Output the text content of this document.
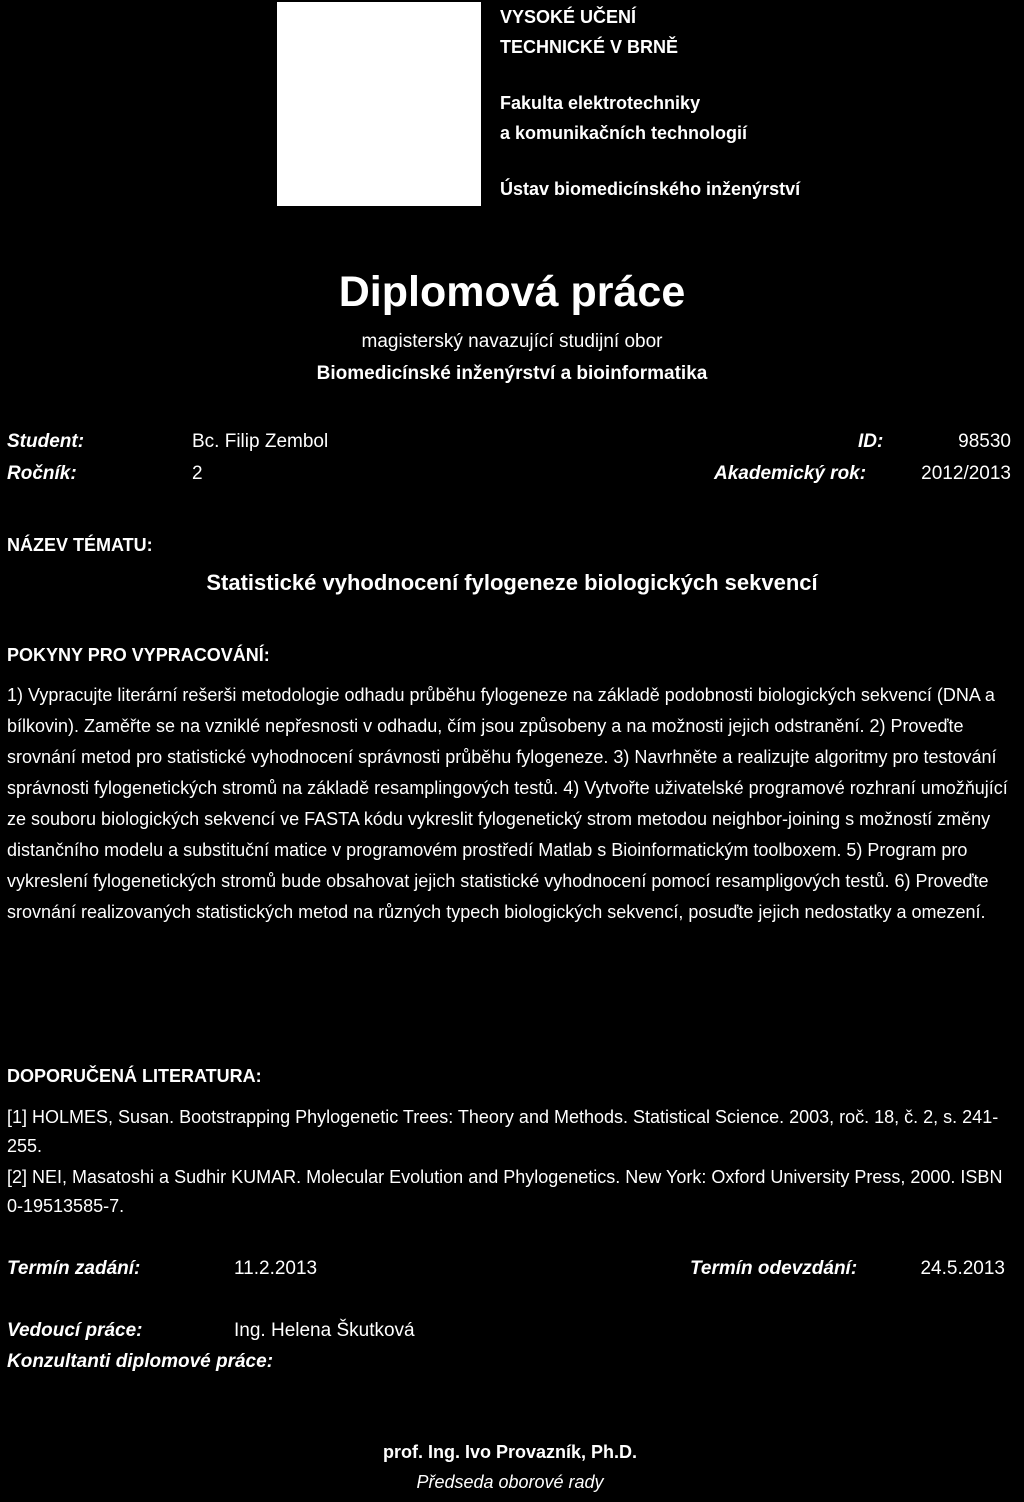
VYSOKÉ UČENÍ
TECHNICKÉ V BRNĚ
Fakulta elektrotechniky
a komunikačních technologií
Ústav biomedicínského inženýrství
Diplomová práce
magisterský navazující studijní obor
Biomedicínské inženýrství a bioinformatika
Student:	Bc. Filip Zembol	ID:	98530
Ročník:	2	Akademický rok:	2012/2013
NÁZEV TÉMATU:
Statistické vyhodnocení fylogeneze biologických sekvencí
POKYNY PRO VYPRACOVÁNÍ:

1) Vypracujte literární rešerši metodologie odhadu průběhu fylogeneze na základě podobnosti biologických sekvencí (DNA a bílkovin). Zaměřte se na vzniklé nepřesnosti v odhadu, čím jsou způsobeny a na možnosti jejich odstranění. 2) Proveďte srovnání metod pro statistické vyhodnocení správnosti průběhu fylogeneze. 3) Navrhněte a realizujte algoritmy pro testování správnosti fylogenetických stromů na základě resamplingových testů. 4) Vytvořte uživatelské programové rozhraní umožňující ze souboru biologických sekvencí ve FASTA kódu vykreslit fylogenetický strom metodou neighbor-joining s možností změny distančního modelu a substituční matice v programovém prostředí Matlab s Bioinformatickým toolboxem. 5) Program pro vykreslení fylogenetických stromů bude obsahovat jejich statistické vyhodnocení pomocí resampligových testů. 6) Proveďte srovnání realizovaných statistických metod na různých typech biologických sekvencí, posuďte jejich nedostatky a omezení.

DOPORUČENÁ LITERATURA:
[1] HOLMES, Susan. Bootstrapping Phylogenetic Trees: Theory and Methods. Statistical Science. 2003, roč. 18, č. 2, s. 241-255.
[2] NEI, Masatoshi a Sudhir KUMAR. Molecular Evolution and Phylogenetics. New York: Oxford University Press, 2000. ISBN 0-19513585-7.
Termín zadání:	11.2.2013	Termín odevzdání:	24.5.2013
Vedoucí práce:	Ing. Helena Škutková
Konzultanti diplomové práce:
prof. Ing. Ivo Provazník, Ph.D.
Předseda oborové rady
